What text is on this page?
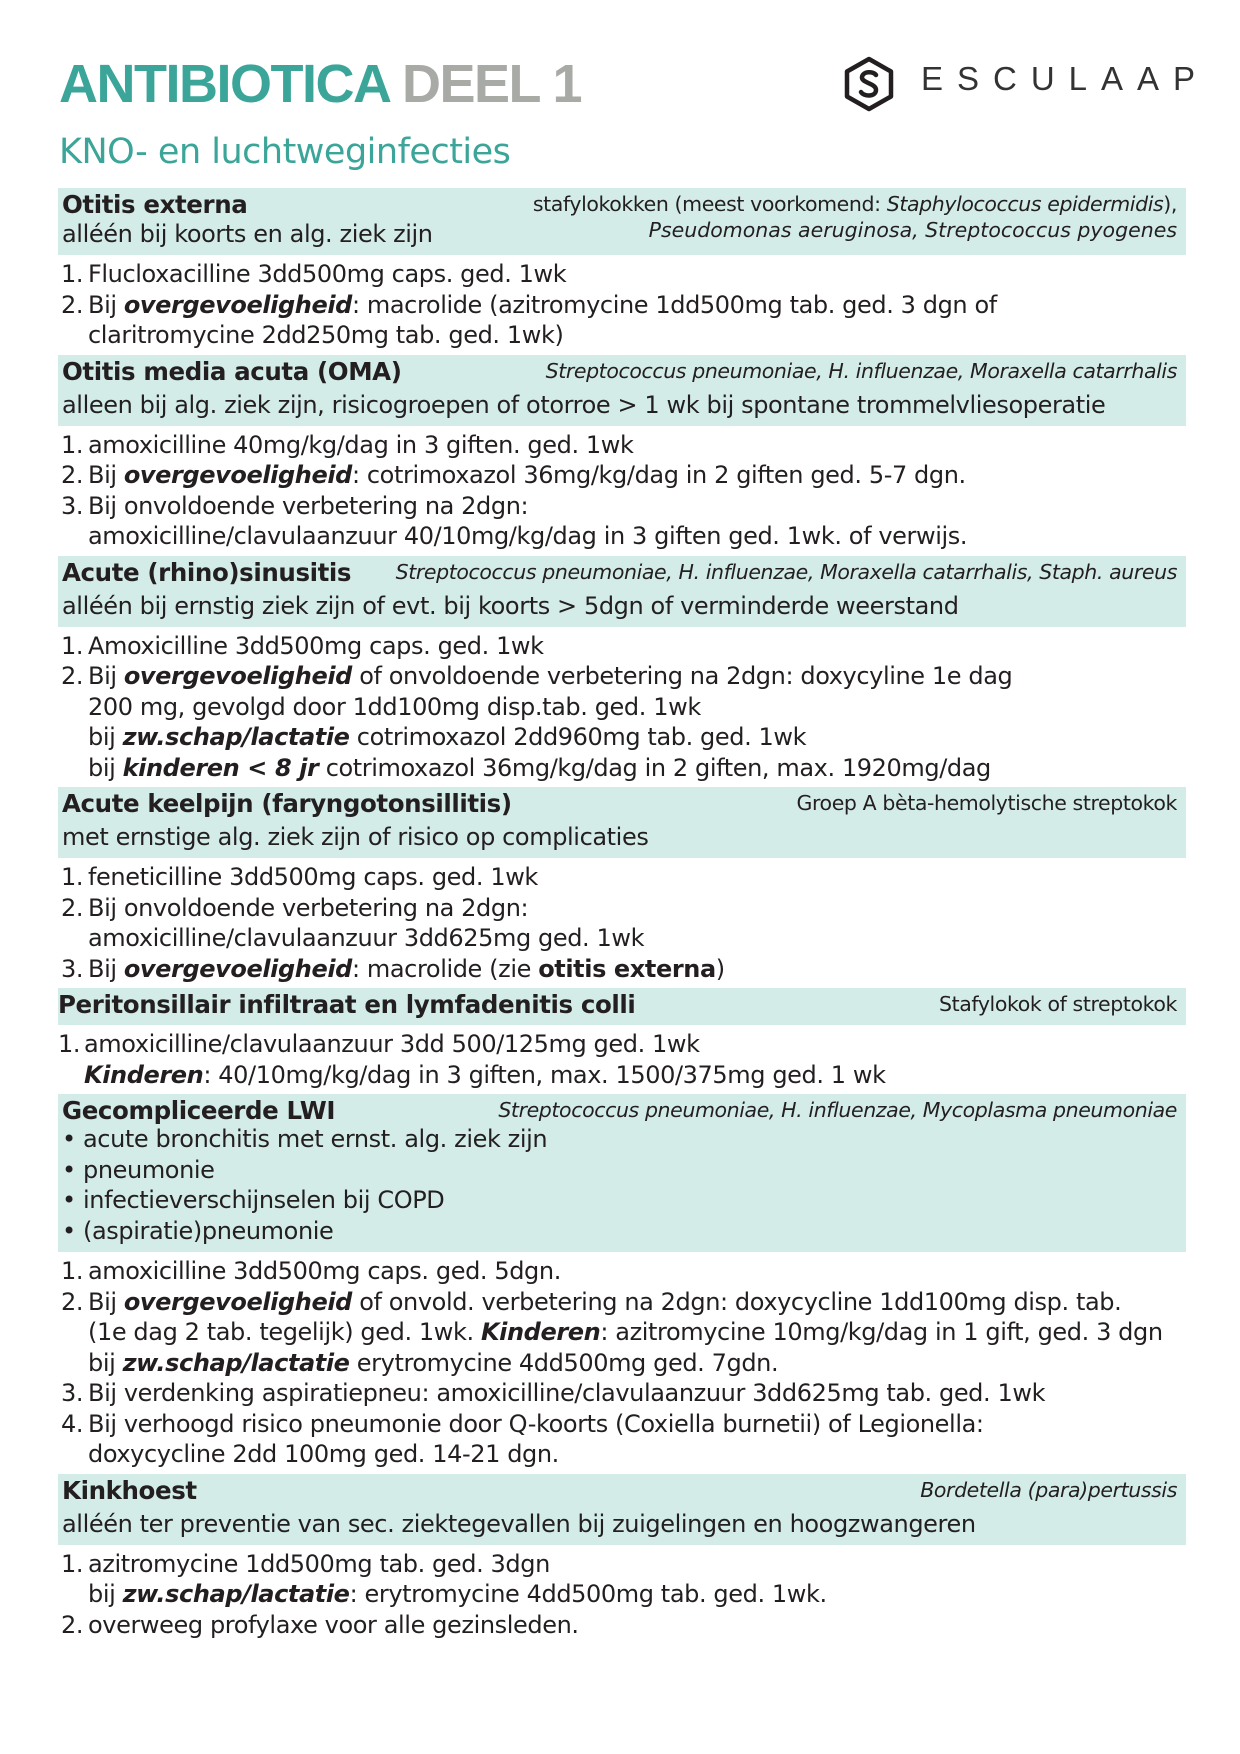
ANTIBIOTICA DEEL 1
KNO- en luchtweginfecties
ESCULAAP
Otitis externa	stafylokokken (meest voorkomend: Staphylococcus epidermidis),
alléén bij koorts en alg. ziek zijn	Pseudomonas aeruginosa, Streptococcus pyogenes
1. Flucloxacilline 3dd500mg caps. ged. 1wk
2. Bij overgevoeligheid: macrolide (azitromycine 1dd500mg tab. ged. 3 dgn of
claritromycine 2dd250mg tab. ged. 1wk)
Otitis media acuta (OMA)	Streptococcus pneumoniae, H. influenzae, Moraxella catarrhalis
alleen bij alg. ziek zijn, risicogroepen of otorroe > 1 wk bij spontane trommelvliesoperatie
1. amoxicilline 40mg/kg/dag in 3 giften. ged. 1wk
2. Bij overgevoeligheid: cotrimoxazol 36mg/kg/dag in 2 giften ged. 5-7 dgn.
3. Bij onvoldoende verbetering na 2dgn:
amoxicilline/clavulaanzuur 40/10mg/kg/dag in 3 giften ged. 1wk. of verwijs.
Acute (rhino)sinusitis Streptococcus pneumoniae, H. influenzae, Moraxella catarrhalis, Staph. aureus
alléén bij ernstig ziek zijn of evt. bij koorts > 5dgn of verminderde weerstand
1. Amoxicilline 3dd500mg caps. ged. 1wk
2. Bij overgevoeligheid of onvoldoende verbetering na 2dgn: doxycyline 1e dag
200 mg, gevolgd door 1dd100mg disp.tab. ged. 1wk
bij zw.schap/lactatie cotrimoxazol 2dd960mg tab. ged. 1wk
bij kinderen < 8 jr cotrimoxazol 36mg/kg/dag in 2 giften, max. 1920mg/dag
Acute keelpijn (faryngotonsillitis)	Groep A bèta-hemolytische streptokok
met ernstige alg. ziek zijn of risico op complicaties
1. feneticilline 3dd500mg caps. ged. 1wk
2. Bij onvoldoende verbetering na 2dgn:
amoxicilline/clavulaanzuur 3dd625mg ged. 1wk
3. Bij overgevoeligheid: macrolide (zie otitis externa)
Peritonsillair infiltraat en lymfadenitis colli	Stafylokok of streptokok
1. amoxicilline/clavulaanzuur 3dd 500/125mg ged. 1wk
Kinderen: 40/10mg/kg/dag in 3 giften, max. 1500/375mg ged. 1 wk
Gecompliceerde LWI	Streptococcus pneumoniae, H. influenzae, Mycoplasma pneumoniae
• acute bronchitis met ernst. alg. ziek zijn
• pneumonie
• infectieverschijnselen bij COPD
• (aspiratie)pneumonie
1. amoxicilline 3dd500mg caps. ged. 5dgn.
2. Bij overgevoeligheid of onvold. verbetering na 2dgn: doxycycline 1dd100mg disp. tab.
(1e dag 2 tab. tegelijk) ged. 1wk. Kinderen: azitromycine 10mg/kg/dag in 1 gift, ged. 3 dgn
bij zw.schap/lactatie erytromycine 4dd500mg ged. 7gdn.
3. Bij verdenking aspiratiepneu: amoxicilline/clavulaanzuur 3dd625mg tab. ged. 1wk
4. Bij verhoogd risico pneumonie door Q-koorts (Coxiella burnetii) of Legionella:
doxycycline 2dd 100mg ged. 14-21 dgn.
Kinkhoest	Bordetella (para)pertussis
alléén ter preventie van sec. ziektegevallen bij zuigelingen en hoogzwangeren
1. azitromycine 1dd500mg tab. ged. 3dgn
bij zw.schap/lactatie: erytromycine 4dd500mg tab. ged. 1wk.
2. overweeg profylaxe voor alle gezinsleden.
